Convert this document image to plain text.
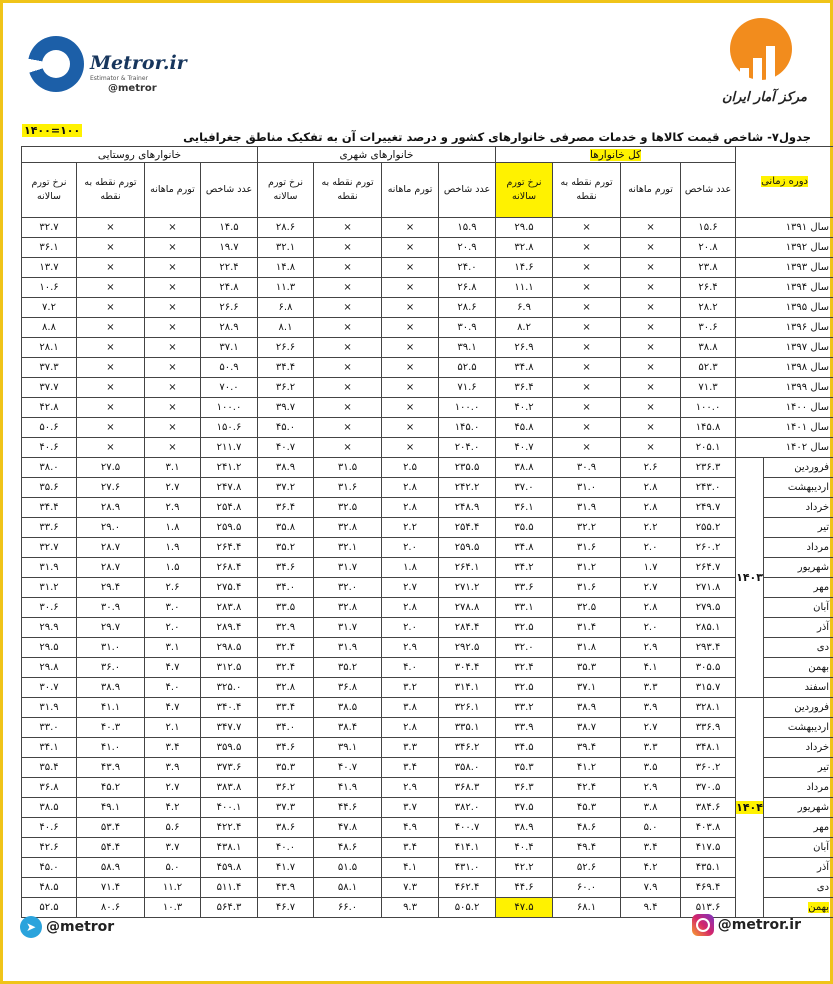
Metror.ir
Estimator & Trainer
@metror
مرکز آمار ایران
۱۴۰۰=۱۰۰	جدول۷- شاخص قیمت کالاها و خدمات مصرفی خانوارهای کشور و درصد تغییرات آن به تفکیک مناطق جغرافیایی
دوره زمانی		کل خانوارها				خانوارهای شهری				خانوارهای روستایی			
		عدد شاخص	تورم ماهانه	تورم نقطه به نقطه	نرخ تورم سالانه	عدد شاخص	تورم ماهانه	تورم نقطه به نقطه	نرخ تورم سالانه	عدد شاخص	تورم ماهانه	تورم نقطه به نقطه	نرخ تورم سالانه
سال ۱۳۹۱		۱۵.۶	×	×	۲۹.۵	۱۵.۹	×	×	۲۸.۶	۱۴.۵	×	×	۳۲.۷
سال ۱۳۹۲		۲۰.۸	×	×	۳۲.۸	۲۰.۹	×	×	۳۲.۱	۱۹.۷	×	×	۳۶.۱
سال ۱۳۹۳		۲۳.۸	×	×	۱۴.۶	۲۴.۰	×	×	۱۴.۸	۲۲.۴	×	×	۱۳.۷
سال ۱۳۹۴		۲۶.۴	×	×	۱۱.۱	۲۶.۸	×	×	۱۱.۳	۲۴.۸	×	×	۱۰.۶
سال ۱۳۹۵		۲۸.۲	×	×	۶.۹	۲۸.۶	×	×	۶.۸	۲۶.۶	×	×	۷.۲
سال ۱۳۹۶		۳۰.۶	×	×	۸.۲	۳۰.۹	×	×	۸.۱	۲۸.۹	×	×	۸.۸
سال ۱۳۹۷		۳۸.۸	×	×	۲۶.۹	۳۹.۱	×	×	۲۶.۶	۳۷.۱	×	×	۲۸.۱
سال ۱۳۹۸		۵۲.۳	×	×	۳۴.۸	۵۲.۵	×	×	۳۴.۴	۵۰.۹	×	×	۳۷.۳
سال ۱۳۹۹		۷۱.۳	×	×	۳۶.۴	۷۱.۶	×	×	۳۶.۲	۷۰.۰	×	×	۳۷.۷
سال ۱۴۰۰		۱۰۰.۰	×	×	۴۰.۲	۱۰۰.۰	×	×	۳۹.۷	۱۰۰.۰	×	×	۴۲.۸
سال ۱۴۰۱		۱۴۵.۸	×	×	۴۵.۸	۱۴۵.۰	×	×	۴۵.۰	۱۵۰.۶	×	×	۵۰.۶
سال ۱۴۰۲		۲۰۵.۱	×	×	۴۰.۷	۲۰۴.۰	×	×	۴۰.۷	۲۱۱.۷	×	×	۴۰.۶
فروردین	۱۴۰۳	۲۳۶.۳	۲.۶	۳۰.۹	۳۸.۸	۲۳۵.۵	۲.۵	۳۱.۵	۳۸.۹	۲۴۱.۲	۳.۱	۲۷.۵	۳۸.۰
اردیبهشت		۲۴۳.۰	۲.۸	۳۱.۰	۳۷.۰	۲۴۲.۲	۲.۸	۳۱.۶	۳۷.۲	۲۴۷.۸	۲.۷	۲۷.۶	۳۵.۶
خرداد		۲۴۹.۷	۲.۸	۳۱.۹	۳۶.۱	۲۴۸.۹	۲.۸	۳۲.۵	۳۶.۴	۲۵۴.۸	۲.۹	۲۸.۹	۳۴.۴
تیر		۲۵۵.۲	۲.۲	۳۲.۲	۳۵.۵	۲۵۴.۴	۲.۲	۳۲.۸	۳۵.۸	۲۵۹.۵	۱.۸	۲۹.۰	۳۳.۶
مرداد		۲۶۰.۲	۲.۰	۳۱.۶	۳۴.۸	۲۵۹.۵	۲.۰	۳۲.۱	۳۵.۲	۲۶۴.۴	۱.۹	۲۸.۷	۳۲.۷
شهریور		۲۶۴.۷	۱.۷	۳۱.۲	۳۴.۲	۲۶۴.۱	۱.۸	۳۱.۷	۳۴.۶	۲۶۸.۴	۱.۵	۲۸.۷	۳۱.۹
مهر		۲۷۱.۸	۲.۷	۳۱.۶	۳۳.۶	۲۷۱.۲	۲.۷	۳۲.۰	۳۴.۰	۲۷۵.۴	۲.۶	۲۹.۴	۳۱.۲
آبان		۲۷۹.۵	۲.۸	۳۲.۵	۳۳.۱	۲۷۸.۸	۲.۸	۳۲.۸	۳۳.۵	۲۸۳.۸	۳.۰	۳۰.۹	۳۰.۶
آذر		۲۸۵.۱	۲.۰	۳۱.۴	۳۲.۵	۲۸۴.۴	۲.۰	۳۱.۷	۳۲.۹	۲۸۹.۴	۲.۰	۲۹.۷	۲۹.۹
دی		۲۹۳.۴	۲.۹	۳۱.۸	۳۲.۰	۲۹۲.۵	۲.۹	۳۱.۹	۳۲.۴	۲۹۸.۵	۳.۱	۳۱.۰	۲۹.۵
بهمن		۳۰۵.۵	۴.۱	۳۵.۳	۳۲.۴	۳۰۴.۴	۴.۰	۳۵.۲	۳۲.۴	۳۱۲.۵	۴.۷	۳۶.۰	۲۹.۸
اسفند		۳۱۵.۷	۳.۳	۳۷.۱	۳۲.۵	۳۱۴.۱	۳.۲	۳۶.۸	۳۲.۸	۳۲۵.۰	۴.۰	۳۸.۹	۳۰.۷
فروردین	۱۴۰۴	۳۲۸.۱	۳.۹	۳۸.۹	۳۳.۲	۳۲۶.۱	۳.۸	۳۸.۵	۳۳.۴	۳۴۰.۴	۴.۷	۴۱.۱	۳۱.۹
اردیبهشت		۳۳۶.۹	۲.۷	۳۸.۷	۳۳.۹	۳۳۵.۱	۲.۸	۳۸.۴	۳۴.۰	۳۴۷.۷	۲.۱	۴۰.۳	۳۳.۰
خرداد		۳۴۸.۱	۳.۳	۳۹.۴	۳۴.۵	۳۴۶.۲	۳.۳	۳۹.۱	۳۴.۶	۳۵۹.۵	۳.۴	۴۱.۰	۳۴.۱
تیر		۳۶۰.۲	۳.۵	۴۱.۲	۳۵.۳	۳۵۸.۰	۳.۴	۴۰.۷	۳۵.۳	۳۷۳.۶	۳.۹	۴۳.۹	۳۵.۴
مرداد		۳۷۰.۵	۲.۹	۴۲.۴	۳۶.۳	۳۶۸.۳	۲.۹	۴۱.۹	۳۶.۲	۳۸۳.۸	۲.۷	۴۵.۲	۳۶.۸
شهریور		۳۸۴.۶	۳.۸	۴۵.۳	۳۷.۵	۳۸۲.۰	۳.۷	۴۴.۶	۳۷.۳	۴۰۰.۱	۴.۲	۴۹.۱	۳۸.۵
مهر		۴۰۳.۸	۵.۰	۴۸.۶	۳۸.۹	۴۰۰.۷	۴.۹	۴۷.۸	۳۸.۶	۴۲۲.۴	۵.۶	۵۳.۴	۴۰.۶
آبان		۴۱۷.۵	۳.۴	۴۹.۴	۴۰.۴	۴۱۴.۱	۳.۴	۴۸.۶	۴۰.۰	۴۳۸.۱	۳.۷	۵۴.۴	۴۲.۶
آذر		۴۳۵.۱	۴.۲	۵۲.۶	۴۲.۲	۴۳۱.۰	۴.۱	۵۱.۵	۴۱.۷	۴۵۹.۸	۵.۰	۵۸.۹	۴۵.۰
دی		۴۶۹.۴	۷.۹	۶۰.۰	۴۴.۶	۴۶۲.۴	۷.۳	۵۸.۱	۴۳.۹	۵۱۱.۴	۱۱.۲	۷۱.۴	۴۸.۵
بهمن		۵۱۳.۶	۹.۴	۶۸.۱	۴۷.۵	۵۰۵.۲	۹.۳	۶۶.۰	۴۶.۷	۵۶۴.۳	۱۰.۳	۸۰.۶	۵۲.۵
➤ @metror	@metror.ir
